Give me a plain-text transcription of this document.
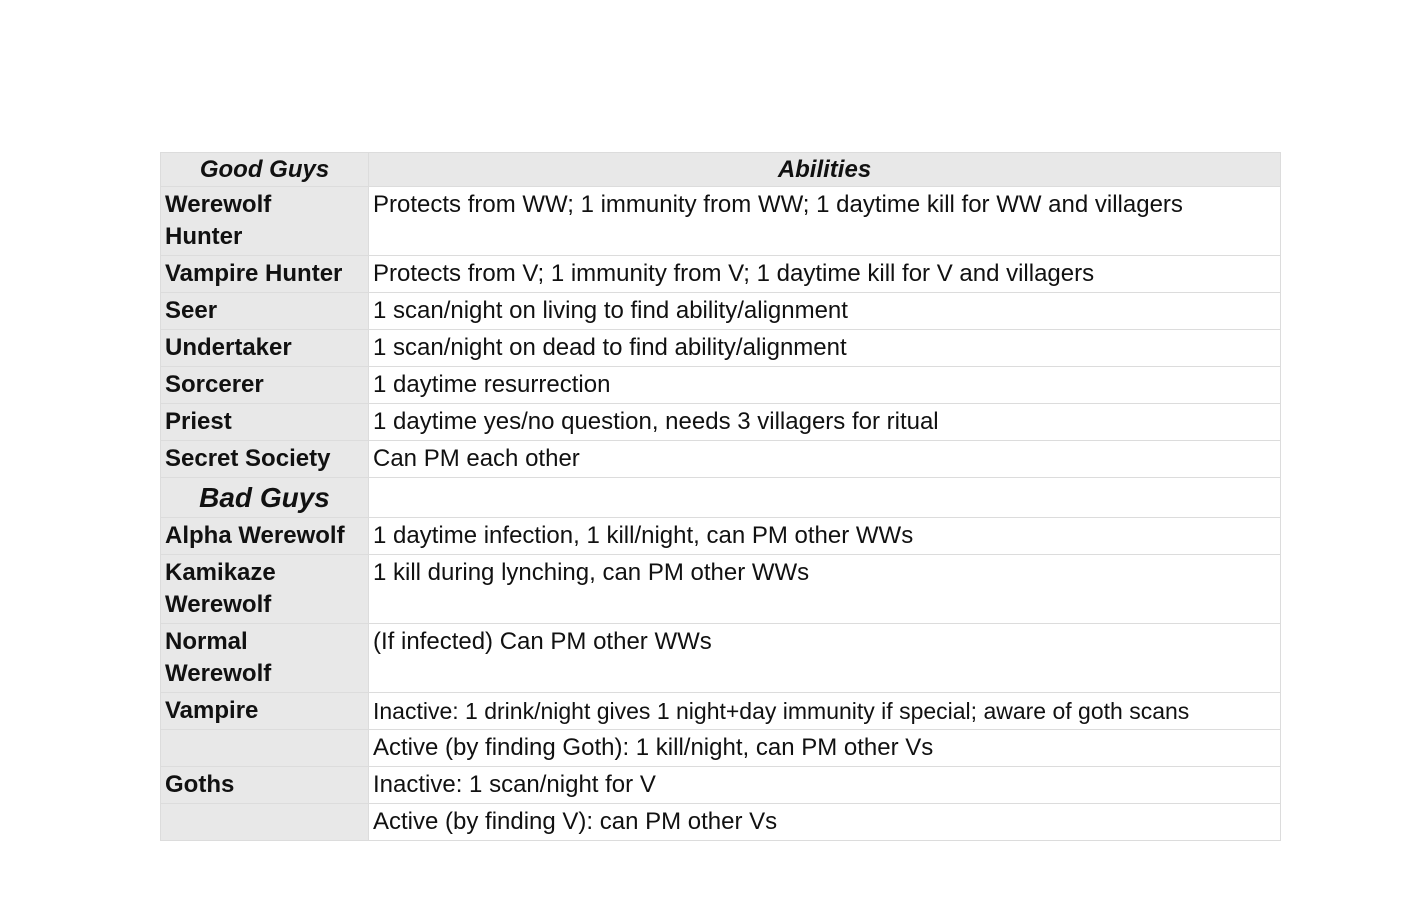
Good Guys	Abilities
Werewolf Hunter	Protects from WW; 1 immunity from WW; 1 daytime kill for WW and villagers
Vampire Hunter	Protects from V; 1 immunity from V; 1 daytime kill for V and villagers
Seer	1 scan/night on living to find ability/alignment
Undertaker	1 scan/night on dead to find ability/alignment
Sorcerer	1 daytime resurrection
Priest	1 daytime yes/no question, needs 3 villagers for ritual
Secret Society	Can PM each other
Bad Guys	
Alpha Werewolf	1 daytime infection, 1 kill/night, can PM other WWs
Kamikaze Werewolf	1 kill during lynching, can PM other WWs
Normal Werewolf	(If infected) Can PM other WWs
Vampire	Inactive: 1 drink/night gives 1 night+day immunity if special; aware of goth scans
	Active (by finding Goth): 1 kill/night, can PM other Vs
Goths	Inactive: 1 scan/night for V
	Active (by finding V): can PM other Vs
